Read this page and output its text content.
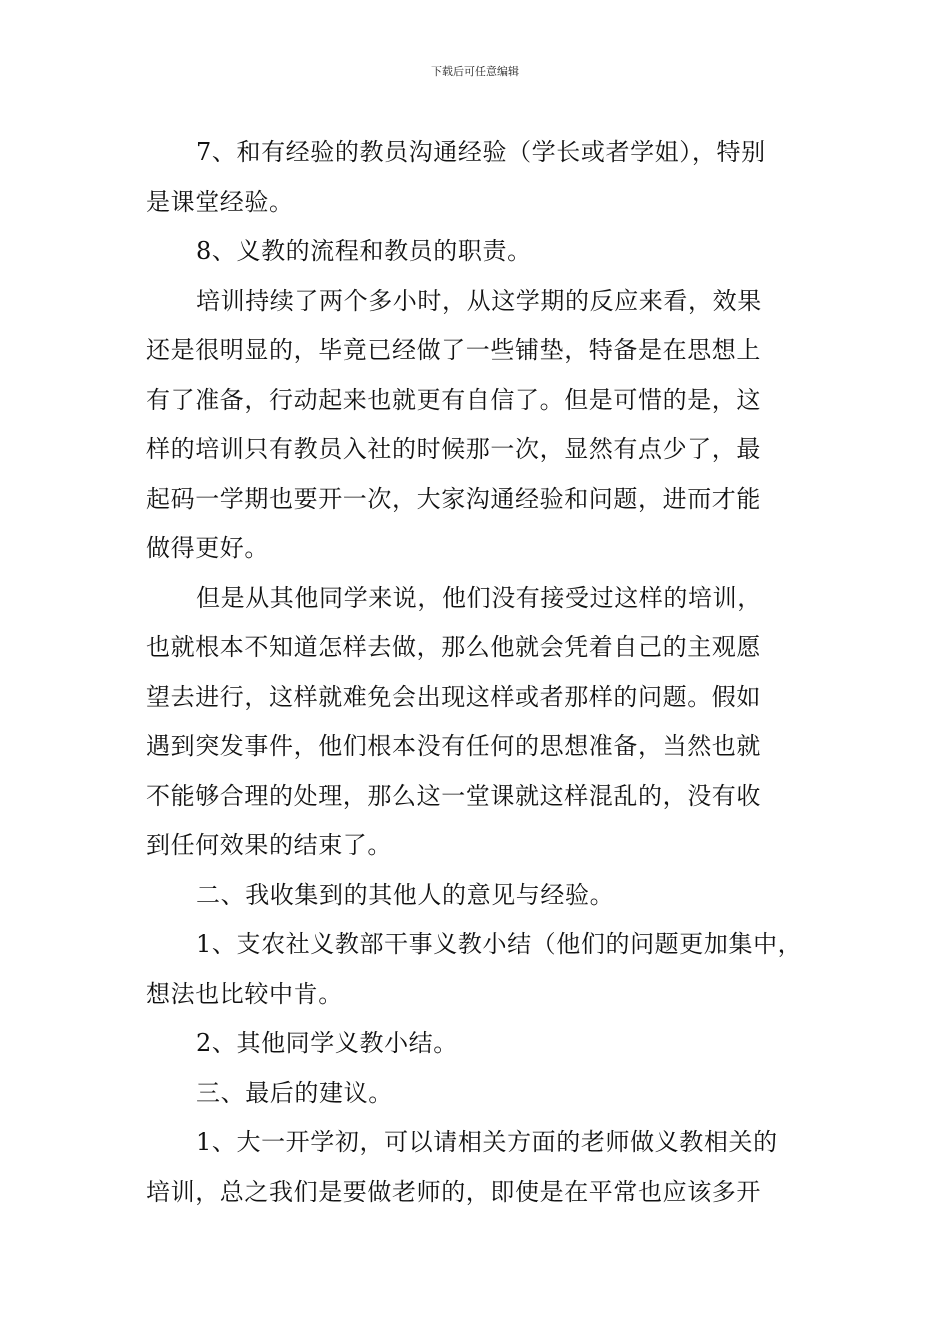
下载后可任意编辑
7、和有经验的教员沟通经验（学长或者学姐），特别
是课堂经验。
8、义教的流程和教员的职责。
培训持续了两个多小时，从这学期的反应来看，效果
还是很明显的，毕竟已经做了一些铺垫，特备是在思想上
有了准备，行动起来也就更有自信了。但是可惜的是，这
样的培训只有教员入社的时候那一次，显然有点少了，最
起码一学期也要开一次，大家沟通经验和问题，进而才能
做得更好。
但是从其他同学来说，他们没有接受过这样的培训，
也就根本不知道怎样去做，那么他就会凭着自己的主观愿
望去进行，这样就难免会出现这样或者那样的问题。假如
遇到突发事件，他们根本没有任何的思想准备，当然也就
不能够合理的处理，那么这一堂课就这样混乱的，没有收
到任何效果的结束了。
二、我收集到的其他人的意见与经验。
1、支农社义教部干事义教小结（他们的问题更加集中，
想法也比较中肯。
2、其他同学义教小结。
三、最后的建议。
1、大一开学初，可以请相关方面的老师做义教相关的
培训，总之我们是要做老师的，即使是在平常也应该多开
